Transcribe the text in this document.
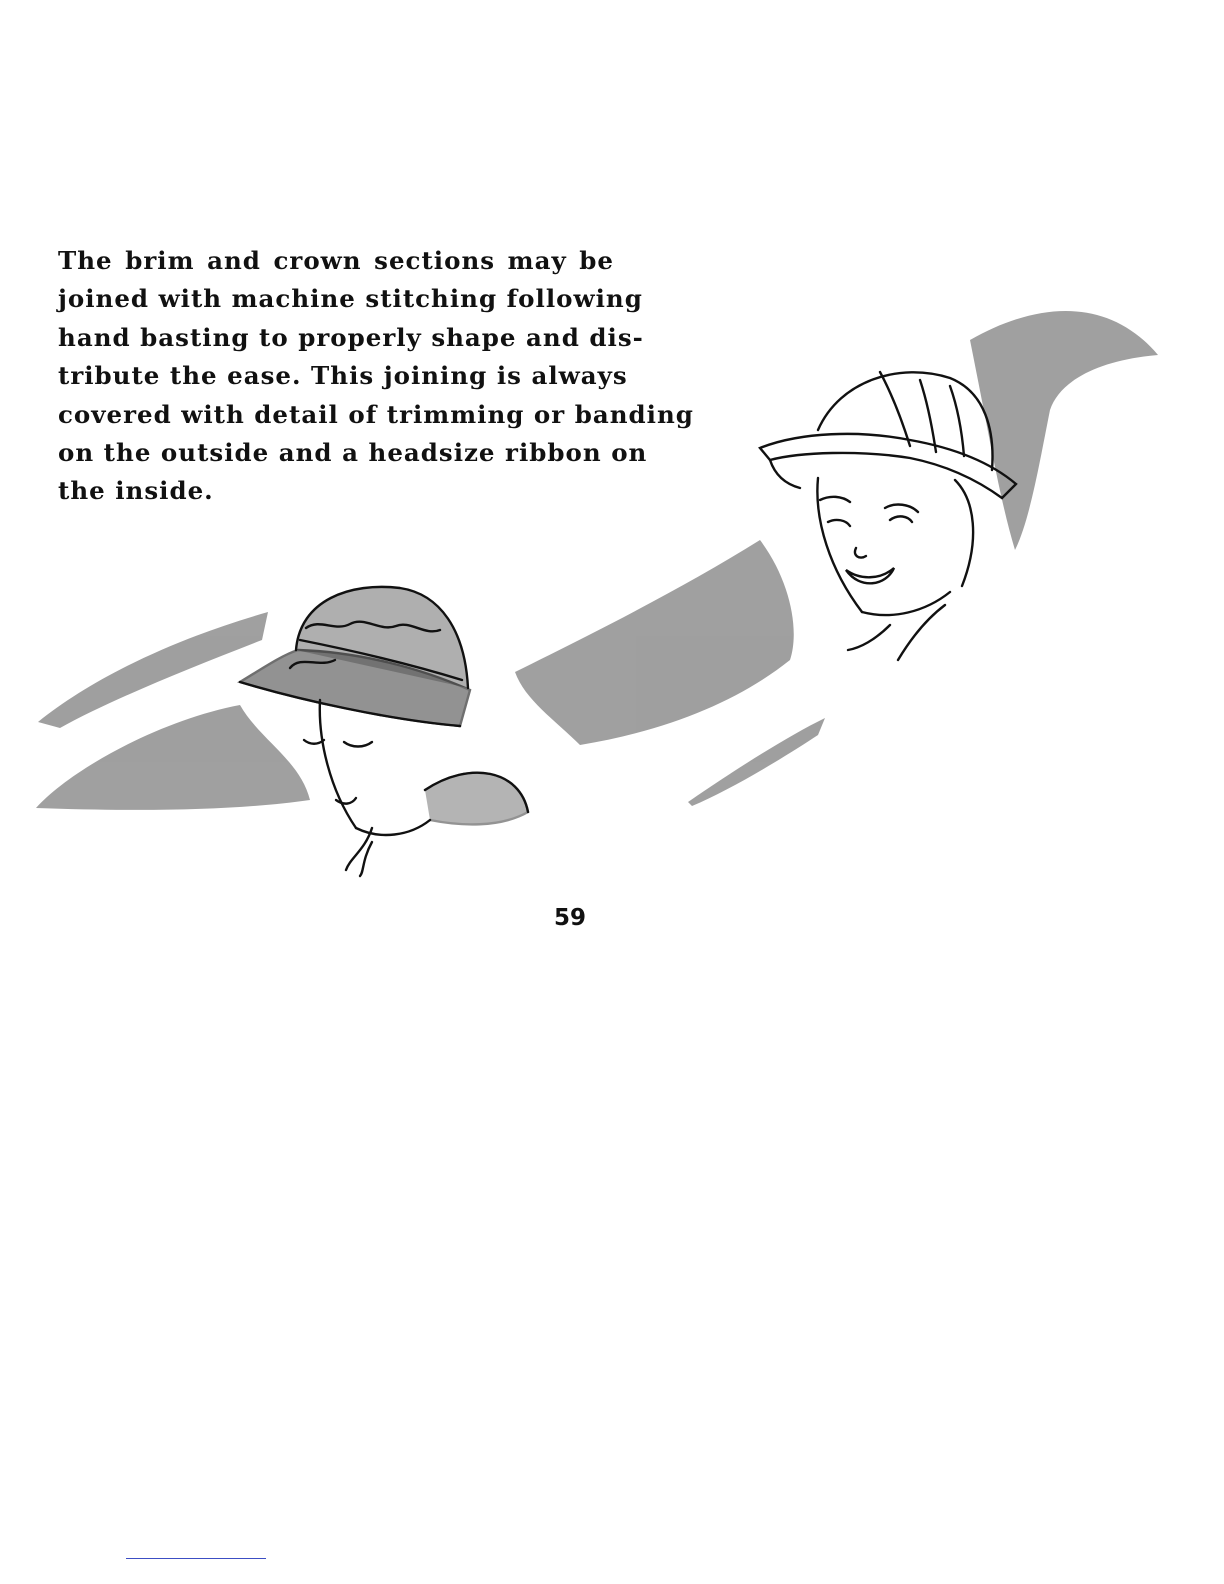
The brim and crown sections may be
joined with machine stitching following
hand basting to properly shape and dis-
tribute the ease. This joining is always
covered with detail of trimming or banding
on the outside and a headsize ribbon on
the inside.

59
